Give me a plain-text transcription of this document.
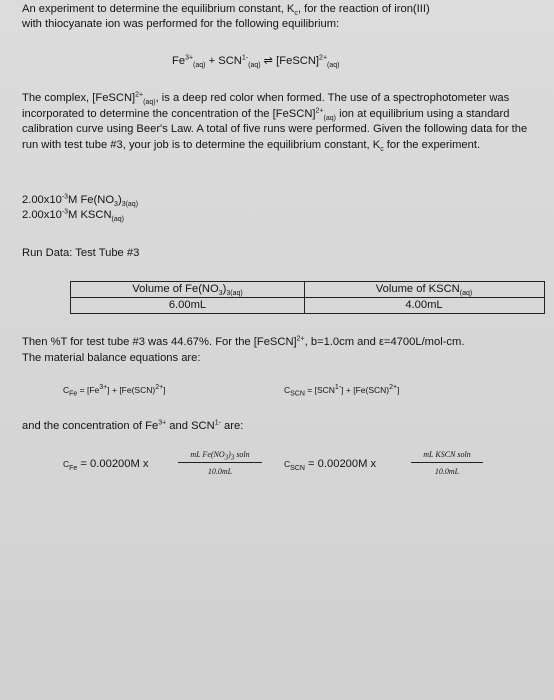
An experiment to determine the equilibrium constant, $K_c$, for the reaction of iron(III)
with thiocyanate ion was performed for the following equilibrium:
$Fe^{3+}_{(aq)} + SCN^{1-}_{(aq)}$ ⇌ [FeSCN]$^{2+}_{(aq)}$
The complex, [FeSCN]$^{2+}_{(aq)}$, is a deep red color when formed. The use of a spectrophotometer was incorporated to determine the concentration of the [FeSCN]$^{2+}_{(aq)}$ ion at equilibrium using a standard calibration curve using Beer's Law. A total of five runs were performed. Given the following data for the run with test tube #3, your job is to determine the equilibrium constant, $K_c$ for the experiment.
$2.00x10^{-3}M$ $Fe(NO_3)_{3(aq)}$
$2.00x10^{-3}M$ $KSCN_{(aq)}$
Run Data: Test Tube #3
Volume of $Fe(NO_3)_{3(aq)}$	Volume of $KSCN_{(aq)}$
6.00mL	4.00mL
Then %T for test tube #3 was 44.67%. For the [FeSCN]$^{2+}$, b=1.0cm and ε=4700L/mol-cm.
The material balance equations are:
$C_{Fe} = [Fe^{3+}] + [Fe(SCN)^{2+}]$	$C_{SCN} = [SCN^{1-}] + [Fe(SCN)^{2+}]$
and the concentration of $Fe^{3+}$ and $SCN^{1-}$ are:
$C_{Fe} = 0.00200M$ x
mL $Fe(NO_3)_3$ soln
10.0mL
$C_{SCN} = 0.00200M$ x
mL KSCN soln
10.0mL
